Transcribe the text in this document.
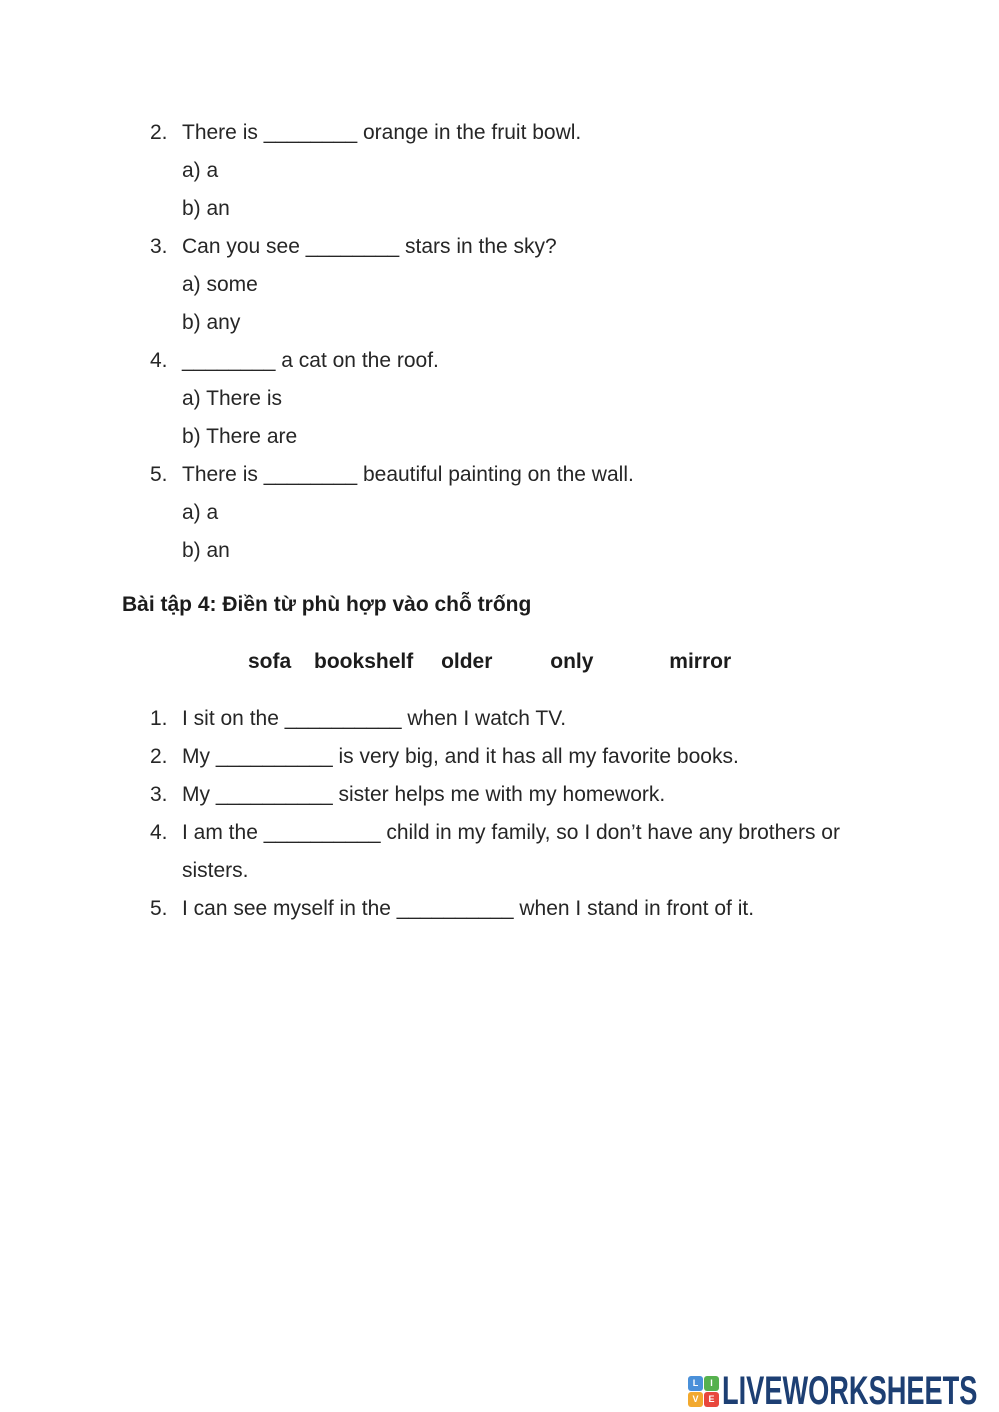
2. There is ________ orange in the fruit bowl.
a) a
b) an
3. Can you see ________ stars in the sky?
a) some
b) any
4. ________ a cat on the roof.
a) There is
b) There are
5. There is ________ beautiful painting on the wall.
a) a
b) an
Bài tập 4: Điền từ phù hợp vào chỗ trống
sofa bookshelf older	only	mirror
1. I sit on the __________ when I watch TV.
2. My __________ is very big, and it has all my favorite books.
3. My __________ sister helps me with my homework.
4. I am the __________ child in my family, so I don’t have any brothers or sisters.
5. I can see myself in the __________ when I stand in front of it.
L	I
V	E LIVEWORKSHEETS
